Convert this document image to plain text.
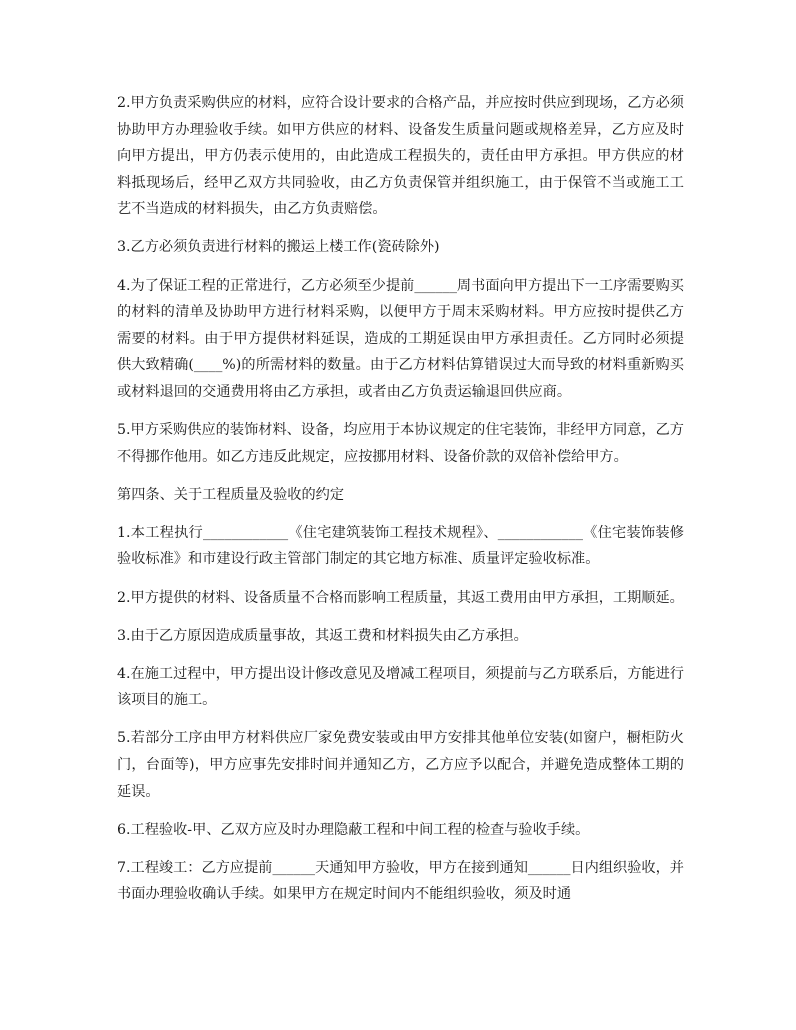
2.甲方负责采购供应的材料，应符合设计要求的合格产品，并应按时供应到现场，乙方必须协助甲方办理验收手续。如甲方供应的材料、设备发生质量问题或规格差异，乙方应及时向甲方提出，甲方仍表示使用的，由此造成工程损失的，责任由甲方承担。甲方供应的材料抵现场后，经甲乙双方共同验收，由乙方负责保管并组织施工，由于保管不当或施工工艺不当造成的材料损失，由乙方负责赔偿。

3.乙方必须负责进行材料的搬运上楼工作(瓷砖除外)

4.为了保证工程的正常进行，乙方必须至少提前______周书面向甲方提出下一工序需要购买的材料的清单及协助甲方进行材料采购，以便甲方于周末采购材料。甲方应按时提供乙方需要的材料。由于甲方提供材料延误，造成的工期延误由甲方承担责任。乙方同时必须提供大致精确(____%)的所需材料的数量。由于乙方材料估算错误过大而导致的材料重新购买或材料退回的交通费用将由乙方承担，或者由乙方负责运输退回供应商。

5.甲方采购供应的装饰材料、设备，均应用于本协议规定的住宅装饰，非经甲方同意，乙方不得挪作他用。如乙方违反此规定，应按挪用材料、设备价款的双倍补偿给甲方。

第四条、关于工程质量及验收的约定

1.本工程执行____________《住宅建筑装饰工程技术规程》、____________《住宅装饰装修验收标准》和市建设行政主管部门制定的其它地方标准、质量评定验收标准。

2.甲方提供的材料、设备质量不合格而影响工程质量，其返工费用由甲方承担，工期顺延。

3.由于乙方原因造成质量事故，其返工费和材料损失由乙方承担。

4.在施工过程中，甲方提出设计修改意见及增减工程项目，须提前与乙方联系后，方能进行该项目的施工。

5.若部分工序由甲方材料供应厂家免费安装或由甲方安排其他单位安装(如窗户，橱柜防火门，台面等)，甲方应事先安排时间并通知乙方，乙方应予以配合，并避免造成整体工期的延误。

6.工程验收-甲、乙双方应及时办理隐蔽工程和中间工程的检查与验收手续。

7.工程竣工：乙方应提前______天通知甲方验收，甲方在接到通知______日内组织验收，并书面办理验收确认手续。如果甲方在规定时间内不能组织验收，须及时通
